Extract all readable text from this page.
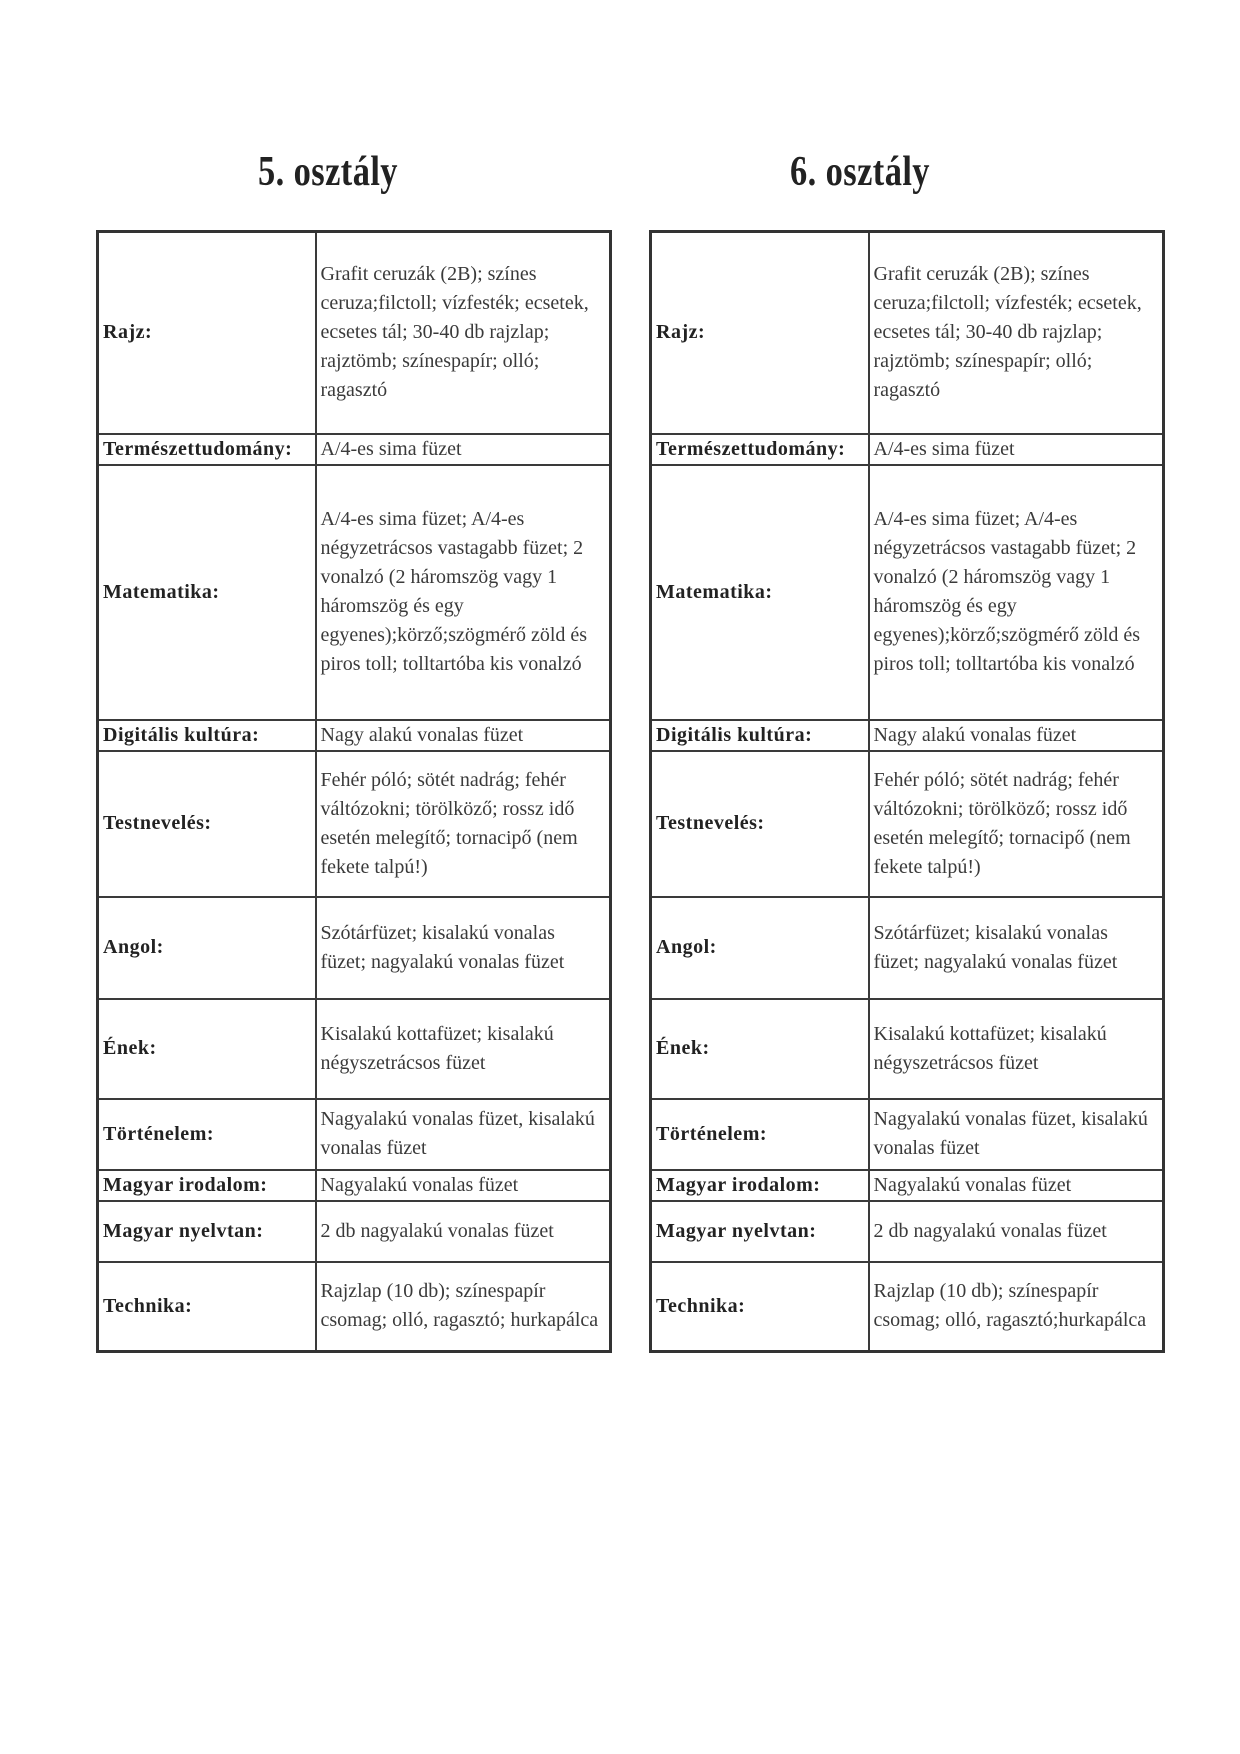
5. osztály	6. osztály
Rajz:	Grafit ceruzák (2B); színes ceruza;filctoll; vízfesték; ecsetek, ecsetes tál; 30-40 db rajzlap; rajztömb; színespapír; olló; ragasztó
Természettudomány:	A/4-es sima füzet
Matematika:	A/4-es sima füzet; A/4-es négyzetrácsos vastagabb füzet; 2 vonalzó (2 háromszög vagy 1 háromszög és egy egyenes);körző;szögmérő zöld és piros toll; tolltartóba kis vonalzó
Digitális kultúra:	Nagy alakú vonalas füzet
Testnevelés:	Fehér póló; sötét nadrág; fehér váltózokni; törölköző; rossz idő esetén melegítő; tornacipő (nem fekete talpú!)
Angol:	Szótárfüzet; kisalakú vonalas füzet; nagyalakú vonalas füzet
Ének:	Kisalakú kottafüzet; kisalakú négyszetrácsos füzet
Történelem:	Nagyalakú vonalas füzet, kisalakú vonalas füzet
Magyar irodalom:	Nagyalakú vonalas füzet
Magyar nyelvtan:	2 db nagyalakú vonalas füzet
Technika:	Rajzlap (10 db); színespapír csomag; olló, ragasztó; hurkapálca
Rajz:	Grafit ceruzák (2B); színes ceruza;filctoll; vízfesték; ecsetek, ecsetes tál; 30-40 db rajzlap; rajztömb; színespapír; olló; ragasztó
Természettudomány:	A/4-es sima füzet
Matematika:	A/4-es sima füzet; A/4-es négyzetrácsos vastagabb füzet; 2 vonalzó (2 háromszög vagy 1 háromszög és egy egyenes);körző;szögmérő zöld és piros toll; tolltartóba kis vonalzó
Digitális kultúra:	Nagy alakú vonalas füzet
Testnevelés:	Fehér póló; sötét nadrág; fehér váltózokni; törölköző; rossz idő esetén melegítő; tornacipő (nem fekete talpú!)
Angol:	Szótárfüzet; kisalakú vonalas füzet; nagyalakú vonalas füzet
Ének:	Kisalakú kottafüzet; kisalakú négyszetrácsos füzet
Történelem:	Nagyalakú vonalas füzet, kisalakú vonalas füzet
Magyar irodalom:	Nagyalakú vonalas füzet
Magyar nyelvtan:	2 db nagyalakú vonalas füzet
Technika:	Rajzlap (10 db); színespapír csomag; olló, ragasztó;hurkapálca
